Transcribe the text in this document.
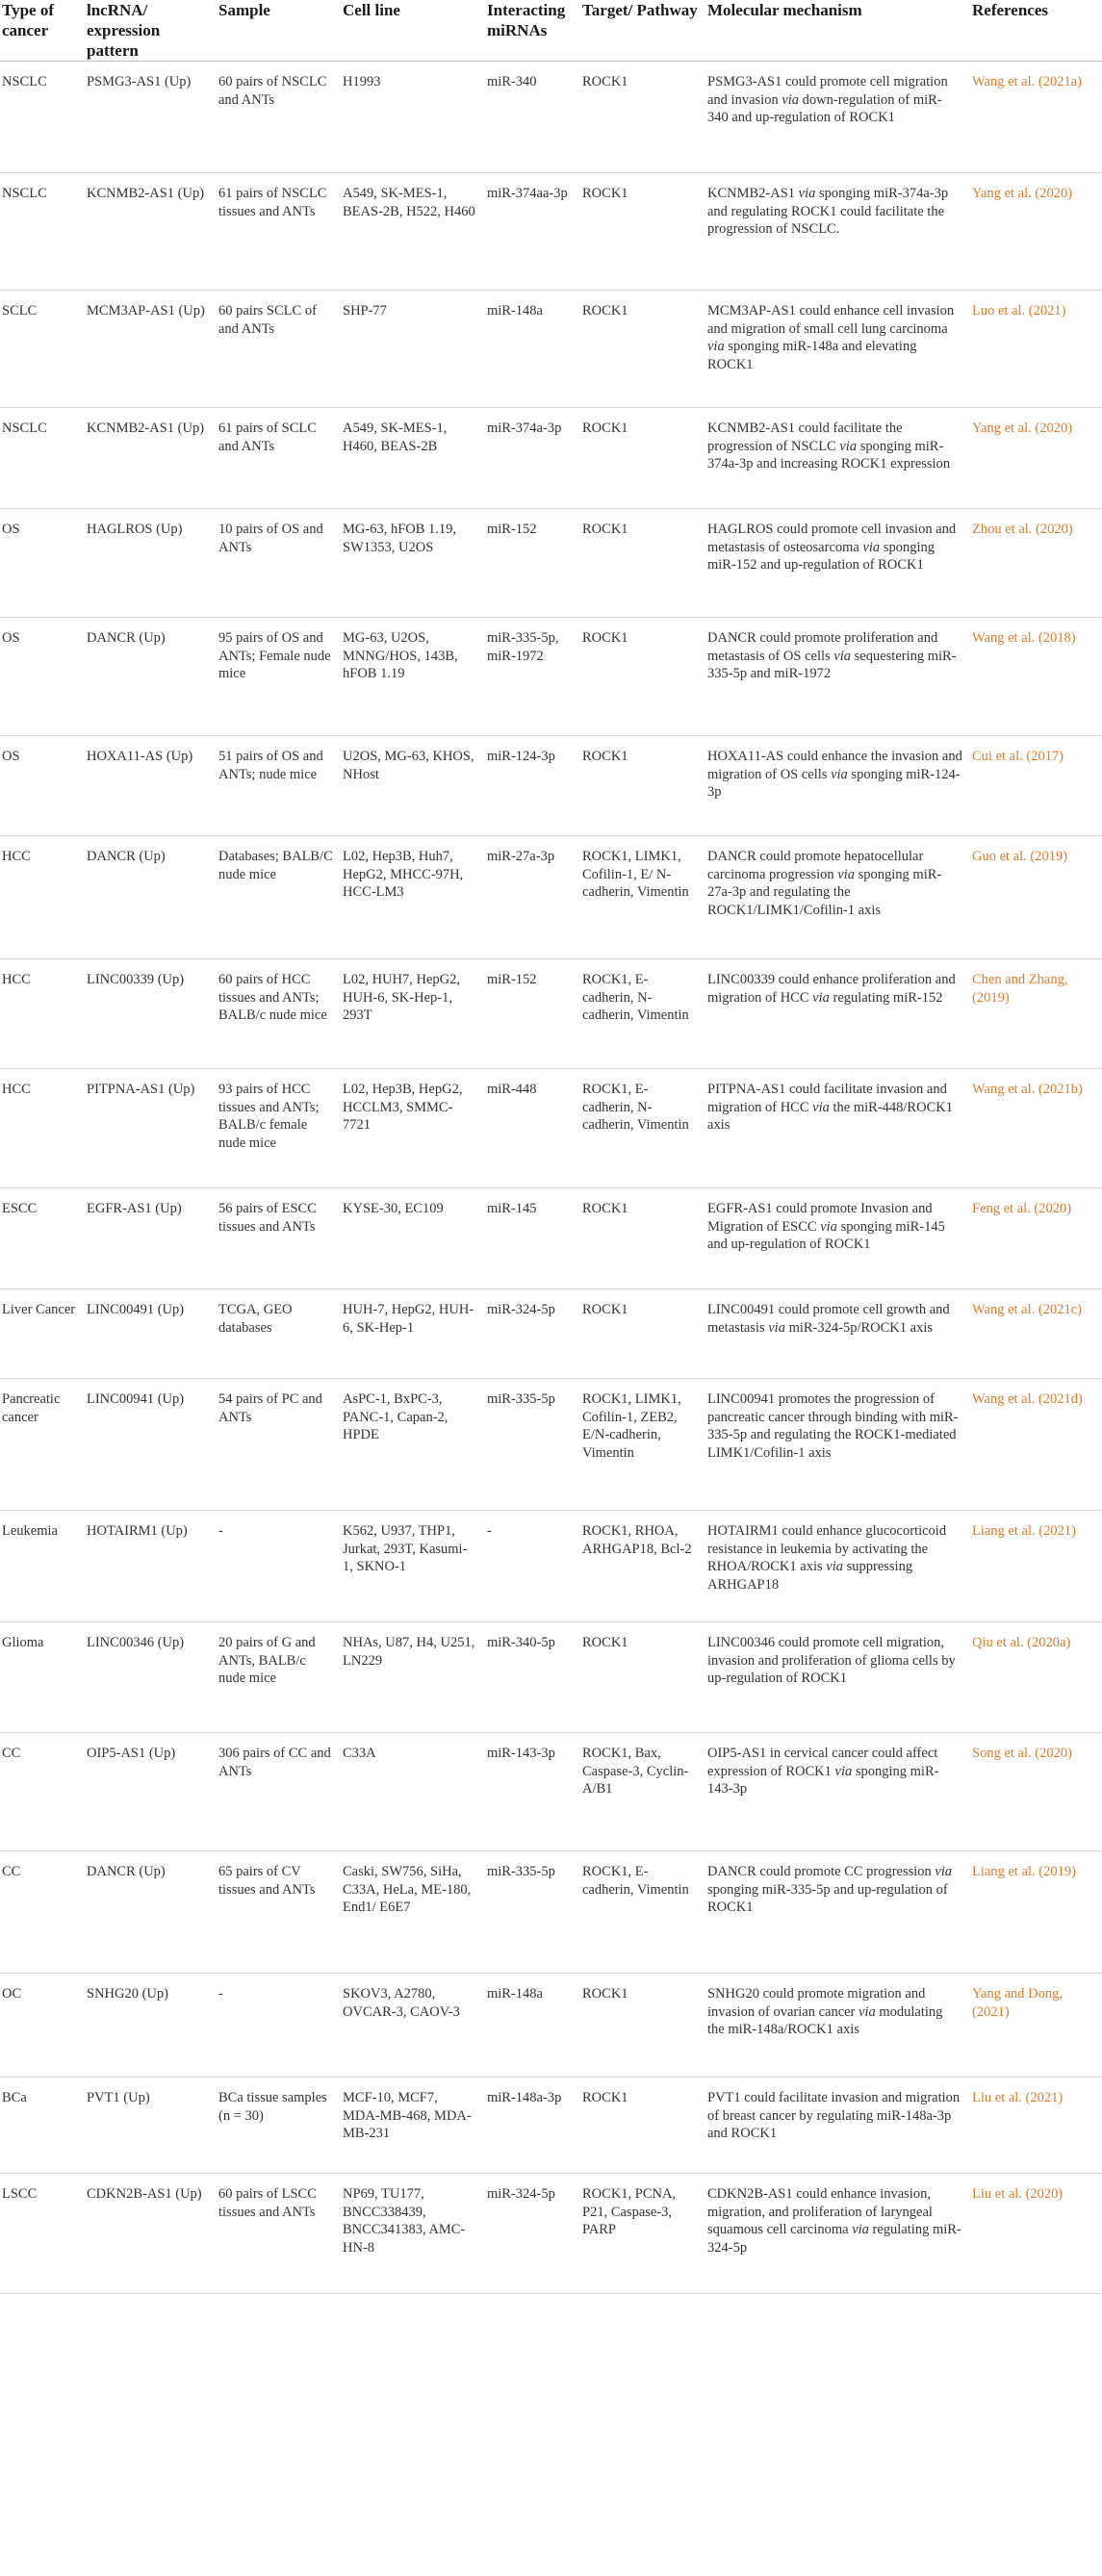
Type of cancer	lncRNA/ expression pattern	Sample	Cell line	Interacting miRNAs	Target/ Pathway	Molecular mechanism	References
NSCLC	PSMG3-AS1 (Up)	60 pairs of NSCLC and ANTs	H1993	miR-340	ROCK1	PSMG3-AS1 could promote cell migration and invasion via down-regulation of miR-340 and up-regulation of ROCK1	Wang et al. (2021a)
NSCLC	KCNMB2-AS1 (Up)	61 pairs of NSCLC tissues and ANTs	A549, SK-MES-1, BEAS-2B, H522, H460	miR-374aa-3p	ROCK1	KCNMB2-AS1 via sponging miR-374a-3p and regulating ROCK1 could facilitate the progression of NSCLC.	Yang et al. (2020)
SCLC	MCM3AP-AS1 (Up)	60 pairs SCLC of and ANTs	SHP-77	miR-148a	ROCK1	MCM3AP-AS1 could enhance cell invasion and migration of small cell lung carcinoma via sponging miR-148a and elevating ROCK1	Luo et al. (2021)
NSCLC	KCNMB2-AS1 (Up)	61 pairs of SCLC and ANTs	A549, SK-MES-1, H460, BEAS-2B	miR-374a-3p	ROCK1	KCNMB2-AS1 could facilitate the progression of NSCLC via sponging miR-374a-3p and increasing ROCK1 expression	Yang et al. (2020)
OS	HAGLROS (Up)	10 pairs of OS and ANTs	MG-63, hFOB 1.19, SW1353, U2OS	miR-152	ROCK1	HAGLROS could promote cell invasion and metastasis of osteosarcoma via sponging miR-152 and up-regulation of ROCK1	Zhou et al. (2020)
OS	DANCR (Up)	95 pairs of OS and ANTs; Female nude mice	MG-63, U2OS, MNNG/HOS, 143B, hFOB 1.19	miR-335-5p, miR-1972	ROCK1	DANCR could promote proliferation and metastasis of OS cells via sequestering miR-335-5p and miR-1972	Wang et al. (2018)
OS	HOXA11-AS (Up)	51 pairs of OS and ANTs; nude mice	U2OS, MG-63, KHOS, NHost	miR-124-3p	ROCK1	HOXA11-AS could enhance the invasion and migration of OS cells via sponging miR-124-3p	Cui et al. (2017)
HCC	DANCR (Up)	Databases; BALB/C nude mice	L02, Hep3B, Huh7, HepG2, MHCC-97H, HCC-LM3	miR-27a-3p	ROCK1, LIMK1, Cofilin-1, E/ N-cadherin, Vimentin	DANCR could promote hepatocellular carcinoma progression via sponging miR-27a-3p and regulating the ROCK1/LIMK1/Cofilin-1 axis	Guo et al. (2019)
HCC	LINC00339 (Up)	60 pairs of HCC tissues and ANTs; BALB/c nude mice	L02, HUH7, HepG2, HUH-6, SK-Hep-1, 293T	miR-152	ROCK1, E-cadherin, N-cadherin, Vimentin	LINC00339 could enhance proliferation and migration of HCC via regulating miR-152	Chen and Zhang, (2019)
HCC	PITPNA-AS1 (Up)	93 pairs of HCC tissues and ANTs; BALB/c female nude mice	L02, Hep3B, HepG2, HCCLM3, SMMC-7721	miR-448	ROCK1, E-cadherin, N-cadherin, Vimentin	PITPNA-AS1 could facilitate invasion and migration of HCC via the miR-448/ROCK1 axis	Wang et al. (2021b)
ESCC	EGFR-AS1 (Up)	56 pairs of ESCC tissues and ANTs	KYSE-30, EC109	miR-145	ROCK1	EGFR-AS1 could promote Invasion and Migration of ESCC via sponging miR-145 and up-regulation of ROCK1	Feng et al. (2020)
Liver Cancer	LINC00491 (Up)	TCGA, GEO databases	HUH-7, HepG2, HUH-6, SK-Hep-1	miR-324-5p	ROCK1	LINC00491 could promote cell growth and metastasis via miR-324-5p/ROCK1 axis	Wang et al. (2021c)
Pancreatic cancer	LINC00941 (Up)	54 pairs of PC and ANTs	AsPC-1, BxPC-3, PANC-1, Capan-2, HPDE	miR-335-5p	ROCK1, LIMK1, Cofilin-1, ZEB2, E/N-cadherin, Vimentin	LINC00941 promotes the progression of pancreatic cancer through binding with miR-335-5p and regulating the ROCK1-mediated LIMK1/Cofilin-1 axis	Wang et al. (2021d)
Leukemia	HOTAIRM1 (Up)	-	K562, U937, THP1, Jurkat, 293T, Kasumi-1, SKNO-1	-	ROCK1, RHOA, ARHGAP18, Bcl-2	HOTAIRM1 could enhance glucocorticoid resistance in leukemia by activating the RHOA/ROCK1 axis via suppressing ARHGAP18	Liang et al. (2021)
Glioma	LINC00346 (Up)	20 pairs of G and ANTs, BALB/c nude mice	NHAs, U87, H4, U251, LN229	miR-340-5p	ROCK1	LINC00346 could promote cell migration, invasion and proliferation of glioma cells by up-regulation of ROCK1	Qiu et al. (2020a)
CC	OIP5-AS1 (Up)	306 pairs of CC and ANTs	C33A	miR-143-3p	ROCK1, Bax, Caspase-3, Cyclin-A/B1	OIP5-AS1 in cervical cancer could affect expression of ROCK1 via sponging miR-143-3p	Song et al. (2020)
CC	DANCR (Up)	65 pairs of CV tissues and ANTs	Caski, SW756, SiHa, C33A, HeLa, ME-180, End1/ E6E7	miR-335-5p	ROCK1, E-cadherin, Vimentin	DANCR could promote CC progression via sponging miR-335-5p and up-regulation of ROCK1	Liang et al. (2019)
OC	SNHG20 (Up)	-	SKOV3, A2780, OVCAR-3, CAOV-3	miR-148a	ROCK1	SNHG20 could promote migration and invasion of ovarian cancer via modulating the miR-148a/ROCK1 axis	Yang and Dong, (2021)
BCa	PVT1 (Up)	BCa tissue samples (n = 30)	MCF-10, MCF7, MDA-MB-468, MDA-MB-231	miR-148a-3p	ROCK1	PVT1 could facilitate invasion and migration of breast cancer by regulating miR-148a-3p and ROCK1	Liu et al. (2021)
LSCC	CDKN2B-AS1 (Up)	60 pairs of LSCC tissues and ANTs	NP69, TU177, BNCC338439, BNCC341383, AMC-HN-8	miR-324-5p	ROCK1, PCNA, P21, Caspase-3, PARP	CDKN2B-AS1 could enhance invasion, migration, and proliferation of laryngeal squamous cell carcinoma via regulating miR-324-5p	Liu et al. (2020)
